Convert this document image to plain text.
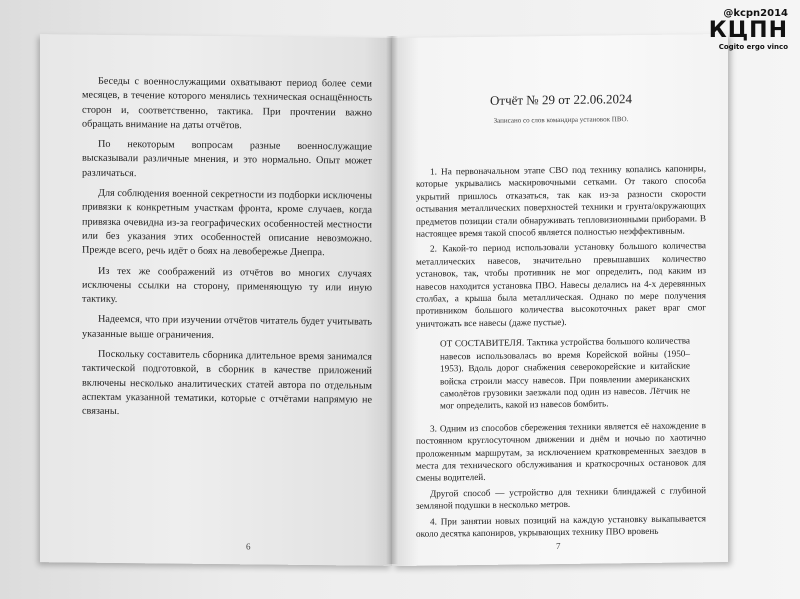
Беседы с военнослужащими охватывают период более семи месяцев, в течение которого менялись техническая оснащённость сторон и, соответственно, тактика. При прочтении важно обращать внимание на даты отчётов.

По некоторым вопросам разные военнослужащие высказывали различные мнения, и это нормально. Опыт может различаться.

Для соблюдения военной секретности из подборки исключены привязки к конкретным участкам фронта, кроме случаев, когда привязка очевидна из-за географических особенностей местности или без указания этих особенностей описание невозможно. Прежде всего, речь идёт о боях на левобережье Днепра.

Из тех же соображений из отчётов во многих случаях исключены ссылки на сторону, применяющую ту или иную тактику.

Надеемся, что при изучении отчётов читатель будет учитывать указанные выше ограничения.

Поскольку составитель сборника длительное время занимался тактической подготовкой, в сборник в качестве приложений включены несколько аналитических статей автора по отдельным аспектам указанной тематики, которые с отчётами напрямую не связаны.

6
Отчёт № 29 от 22.06.2024
Записано со слов командира установок ПВО.

1. На первоначальном этапе СВО под технику копались капониры, которые укрывались маскировочными сетками. От такого способа укрытий пришлось отказаться, так как из-за разности скорости остывания металлических поверхностей техники и грунта/окружающих предметов позиции стали обнаруживать тепловизионными приборами. В настоящее время такой способ является полностью неэффективным.

2. Какой-то период использовали установку большого количества металлических навесов, значительно превышавших количество установок, так, чтобы противник не мог определить, под каким из навесов находится установка ПВО. Навесы делались на 4-х деревянных столбах, а крыша была металлическая. Однако по мере получения противником большого количества высокоточных ракет враг смог уничтожать все навесы (даже пустые).

ОТ СОСТАВИТЕЛЯ. Тактика устройства большого количества навесов использовалась во время Корейской войны (1950–1953). Вдоль дорог снабжения северокорейские и китайские войска строили массу навесов. При появлении американских самолётов грузовики заезжали под один из навесов. Лётчик не мог определить, какой из навесов бомбить.

3. Одним из способов сбережения техники является её нахождение в постоянном круглосуточном движении и днём и ночью по хаотично проложенным маршрутам, за исключением кратковременных заездов в места для технического обслуживания и краткосрочных остановок для смены водителей.

Другой способ — устройство для техники блиндажей с глубиной земляной подушки в несколько метров.

4. При занятии новых позиций на каждую установку выкапывается около десятка капониров, укрывающих технику ПВО вровень

7
@kcpn2014
КЦПН
Cogito ergo vinco
